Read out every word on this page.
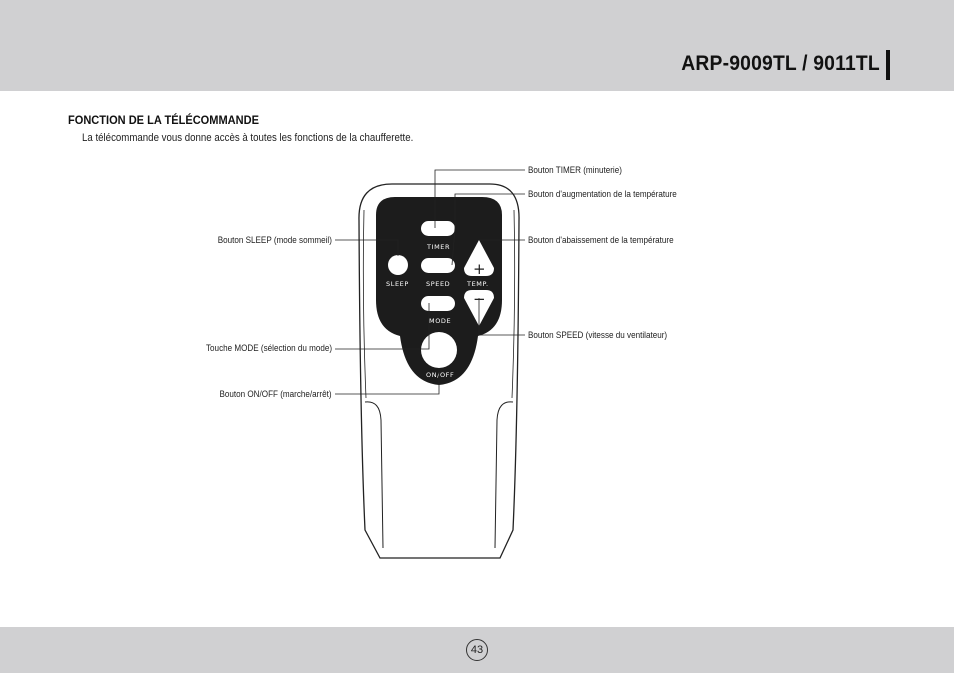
ARP-9009TL / 9011TL
FONCTION DE LA TÉLÉCOMMANDE
La télécommande vous donne accès à toutes les fonctions de la chaufferette.
TIMER
SPEED
SLEEP
+
TEMP.
−
MODE
ON/OFF
Bouton TIMER (minuterie)
Bouton d'augmentation de la température
Bouton d'abaissement de la température
Bouton SPEED (vitesse du ventilateur)
Bouton SLEEP (mode sommeil)
Touche MODE (sélection du mode)
Bouton ON/OFF (marche/arrêt)
43
